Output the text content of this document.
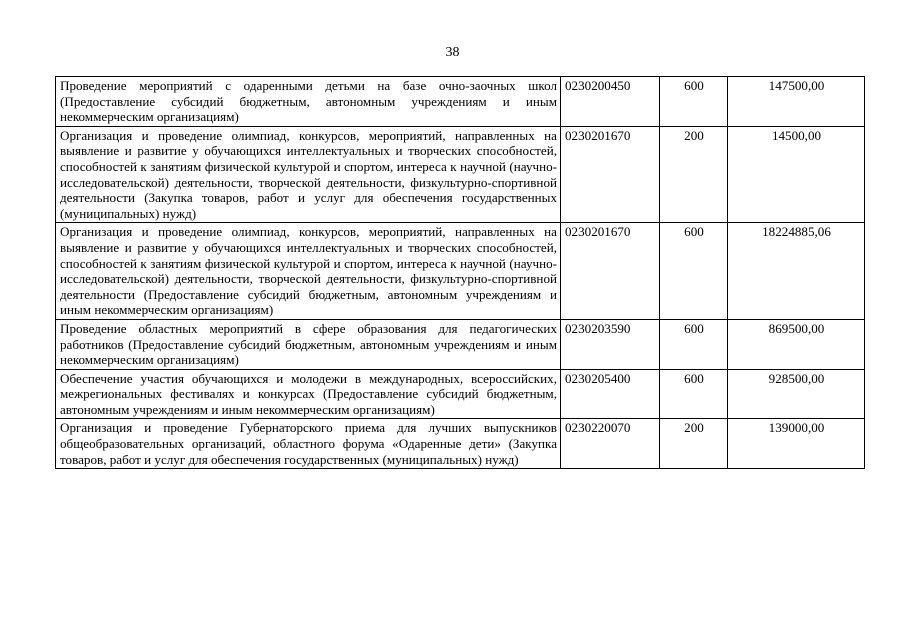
38
Проведение мероприятий с одаренными детьми на базе очно-заочных школ (Предоставление субсидий бюджетным, автономным учреждениям и иным некоммерческим организациям)	0230200450	600	147500,00
Организация и проведение олимпиад, конкурсов, мероприятий, направленных на выявление и развитие у обучающихся интеллектуальных и творческих способностей, способностей к занятиям физической культурой и спортом, интереса к научной (научно-исследовательской) деятельности, творческой деятельности, физкультурно-спортивной деятельности (Закупка товаров, работ и услуг для обеспечения государственных (муниципальных) нужд)	0230201670	200	14500,00
Организация и проведение олимпиад, конкурсов, мероприятий, направленных на выявление и развитие у обучающихся интеллектуальных и творческих способностей, способностей к занятиям физической культурой и спортом, интереса к научной (научно-исследовательской) деятельности, творческой деятельности, физкультурно-спортивной деятельности (Предоставление субсидий бюджетным, автономным учреждениям и иным некоммерческим организациям)	0230201670	600	18224885,06
Проведение областных мероприятий в сфере образования для педагогических работников (Предоставление субсидий бюджетным, автономным учреждениям и иным некоммерческим организациям)	0230203590	600	869500,00
Обеспечение участия обучающихся и молодежи в международных, всероссийских, межрегиональных фестивалях и конкурсах (Предоставление субсидий бюджетным, автономным учреждениям и иным некоммерческим организациям)	0230205400	600	928500,00
Организация и проведение Губернаторского приема для лучших выпускников общеобразовательных организаций, областного форума «Одаренные дети» (Закупка товаров, работ и услуг для обеспечения государственных (муниципальных) нужд)	0230220070	200	139000,00
